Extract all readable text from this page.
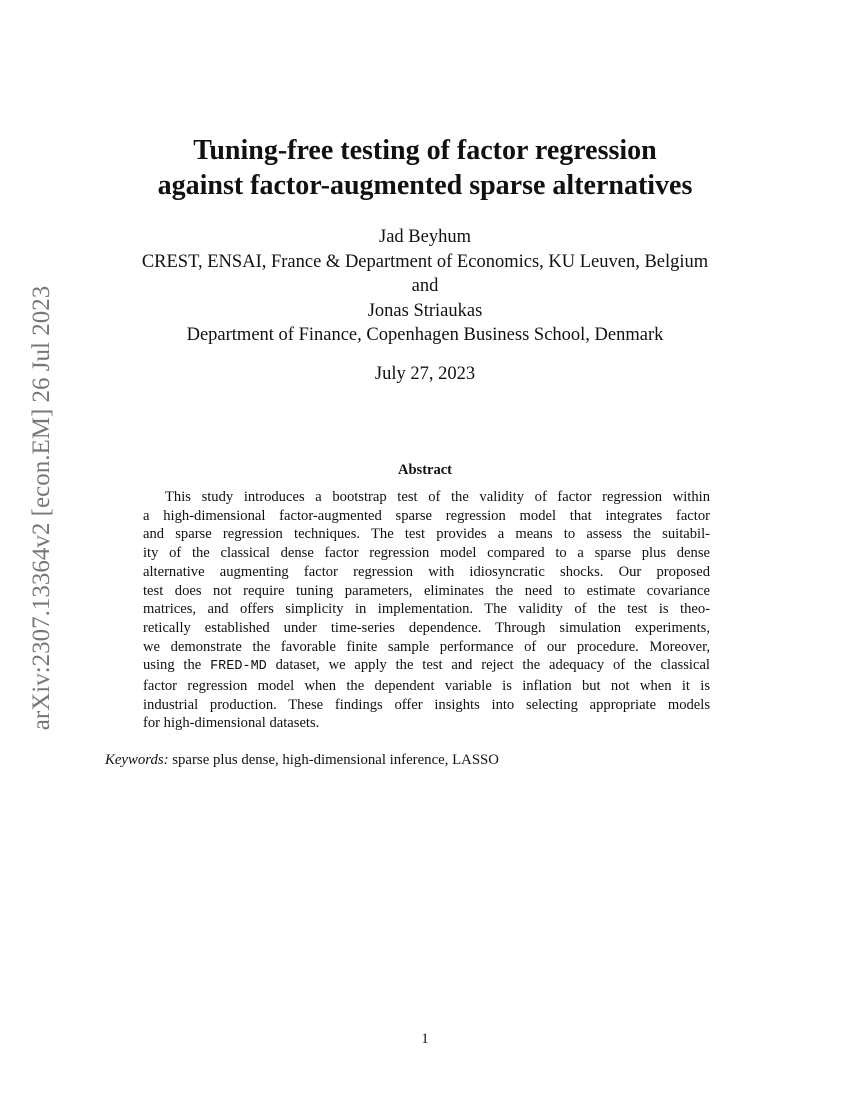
arXiv:2307.13364v2 [econ.EM] 26 Jul 2023
Tuning-free testing of factor regression
against factor-augmented sparse alternatives
Jad Beyhum
CREST, ENSAI, France & Department of Economics, KU Leuven, Belgium
and
Jonas Striaukas
Department of Finance, Copenhagen Business School, Denmark
July 27, 2023
Abstract
This study introduces a bootstrap test of the validity of factor regression within
a high-dimensional factor-augmented sparse regression model that integrates factor
and sparse regression techniques. The test provides a means to assess the suitabil-
ity of the classical dense factor regression model compared to a sparse plus dense
alternative augmenting factor regression with idiosyncratic shocks. Our proposed
test does not require tuning parameters, eliminates the need to estimate covariance
matrices, and offers simplicity in implementation. The validity of the test is theo-
retically established under time-series dependence. Through simulation experiments,
we demonstrate the favorable finite sample performance of our procedure. Moreover,
using the FRED-MD dataset, we apply the test and reject the adequacy of the classical
factor regression model when the dependent variable is inflation but not when it is
industrial production. These findings offer insights into selecting appropriate models
for high-dimensional datasets.
Keywords: sparse plus dense, high-dimensional inference, LASSO
1
